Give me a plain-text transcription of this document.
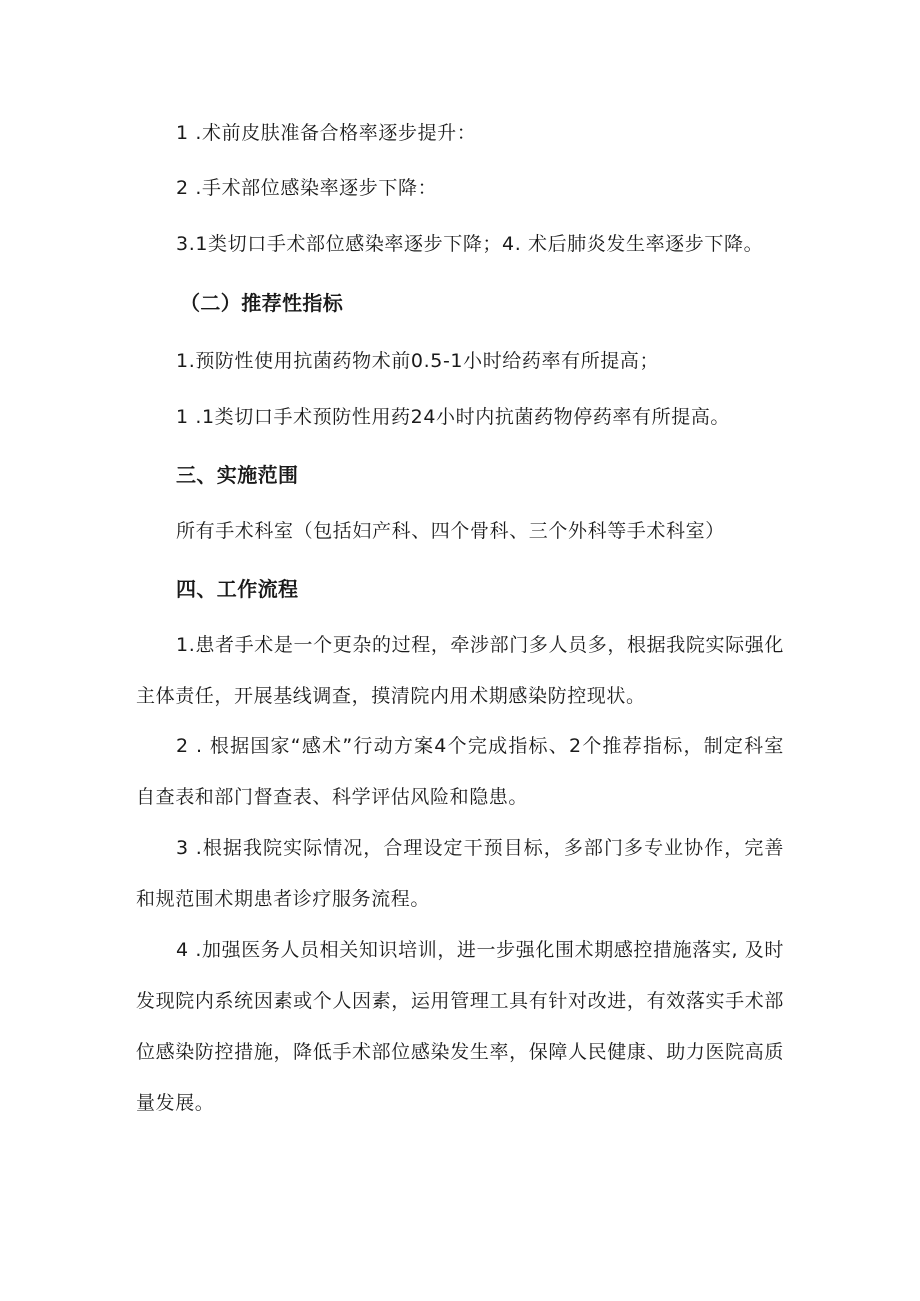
1 .术前皮肤准备合格率逐步提升：

2 .手术部位感染率逐步下降：

3.1类切口手术部位感染率逐步下降；4. 术后肺炎发生率逐步下降。

（二）推荐性指标

1.预防性使用抗菌药物术前0.5-1小时给药率有所提高；

1 .1类切口手术预防性用药24小时内抗菌药物停药率有所提高。

三、实施范围

所有手术科室（包括妇产科、四个骨科、三个外科等手术科室）

四、工作流程

1.患者手术是一个更杂的过程，牵涉部门多人员多，根据我院实际强化主体责任，开展基线调查，摸清院内用术期感染防控现状。

2 . 根据国家“感术”行动方案4个完成指标、2个推荐指标，制定科室自查表和部门督查表、科学评估风险和隐患。

3 .根据我院实际情况，合理设定干预目标，多部门多专业协作，完善和规范围术期患者诊疗服务流程。

4 .加强医务人员相关知识培训，进一步强化围术期感控措施落实, 及时发现院内系统因素或个人因素，运用管理工具有针对改进，有效落实手术部位感染防控措施，降低手术部位感染发生率，保障人民健康、助力医院高质量发展。
